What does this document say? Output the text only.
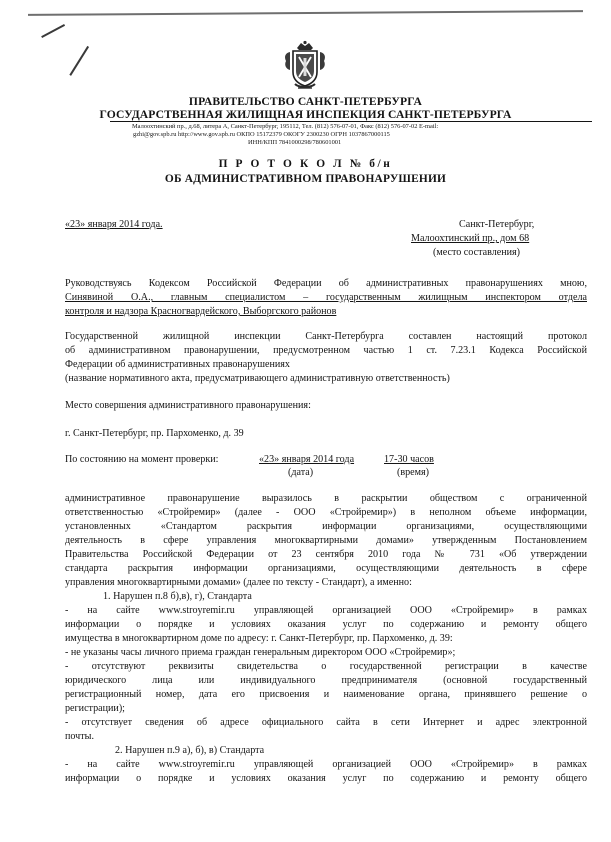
ПРАВИТЕЛЬСТВО САНКТ-ПЕТЕРБУРГА
ГОСУДАРСТВЕННАЯ ЖИЛИЩНАЯ ИНСПЕКЦИЯ САНКТ-ПЕТЕРБУРГА
Малоохтинский пр., д.68, литера А, Санкт-Петербург, 195112, Тел. (812) 576-07-01, Факс (812) 576-07-02 E-mail:
gzhi@gov.spb.ru http://www.gov.spb.ru ОКПО 15172379 ОКОГУ 2300230 ОГРН 1037867000115
ИНН/КПП 7841000298/780601001
П Р О Т О К О Л № б/н
ОБ АДМИНИСТРАТИВНОМ ПРАВОНАРУШЕНИИ
«23» января 2014 года.	Санкт-Петербург,
Малоохтинский пр., дом 68
(место составления)
Руководствуясь Кодексом Российской Федерации об административных правонарушениях мною,
Синявиной О.А., главным специалистом – государственным жилищным инспектором отдела
контроля и надзора Красногвардейского, Выборгского районов
Государственной жилищной инспекции Санкт-Петербурга составлен настоящий протокол
об административном правонарушении, предусмотренном частью 1 ст. 7.23.1 Кодекса Российской
Федерации об административных правонарушениях
(название нормативного акта, предусматривающего административную ответственность)
Место совершения административного правонарушения:
г. Санкт-Петербург, пр. Пархоменко, д. 39
По состоянию на момент проверки:	«23» января 2014 года	17-30 часов
(дата)	(время)
административное правонарушение выразилось в раскрытии обществом с ограниченной
ответственностью «Стройремир» (далее - ООО «Стройремир») в неполном объеме информации,
установленных «Стандартом раскрытия информации организациями, осуществляющими
деятельность в сфере управления многоквартирными домами» утвержденным Постановлением
Правительства Российской Федерации от 23 сентября 2010 года № 731 «Об утверждении
стандарта раскрытия информации организациями, осуществляющими деятельность в сфере
управления многоквартирными домами» (далее по тексту - Стандарт), а именно:
1. Нарушен п.8 б),в), г), Стандарта
- на сайте www.stroyremir.ru управляющей организацией ООО «Стройремир» в рамках
информации о порядке и условиях оказания услуг по содержанию и ремонту общего
имущества в многоквартирном доме по адресу: г. Санкт-Петербург, пр. Пархоменко, д. 39:
- не указаны часы личного приема граждан генеральным директором ООО «Стройремир»;
- отсутствуют реквизиты свидетельства о государственной регистрации в качестве
юридического лица или индивидуального предпринимателя (основной государственный
регистрационный номер, дата его присвоения и наименование органа, принявшего решение о
регистрации);
- отсутствует сведения об адресе официального сайта в сети Интернет и адрес электронной
почты.
2. Нарушен п.9 а), б), в) Стандарта
- на сайте www.stroyremir.ru управляющей организацией ООО «Стройремир» в рамках
информации о порядке и условиях оказания услуг по содержанию и ремонту общего
